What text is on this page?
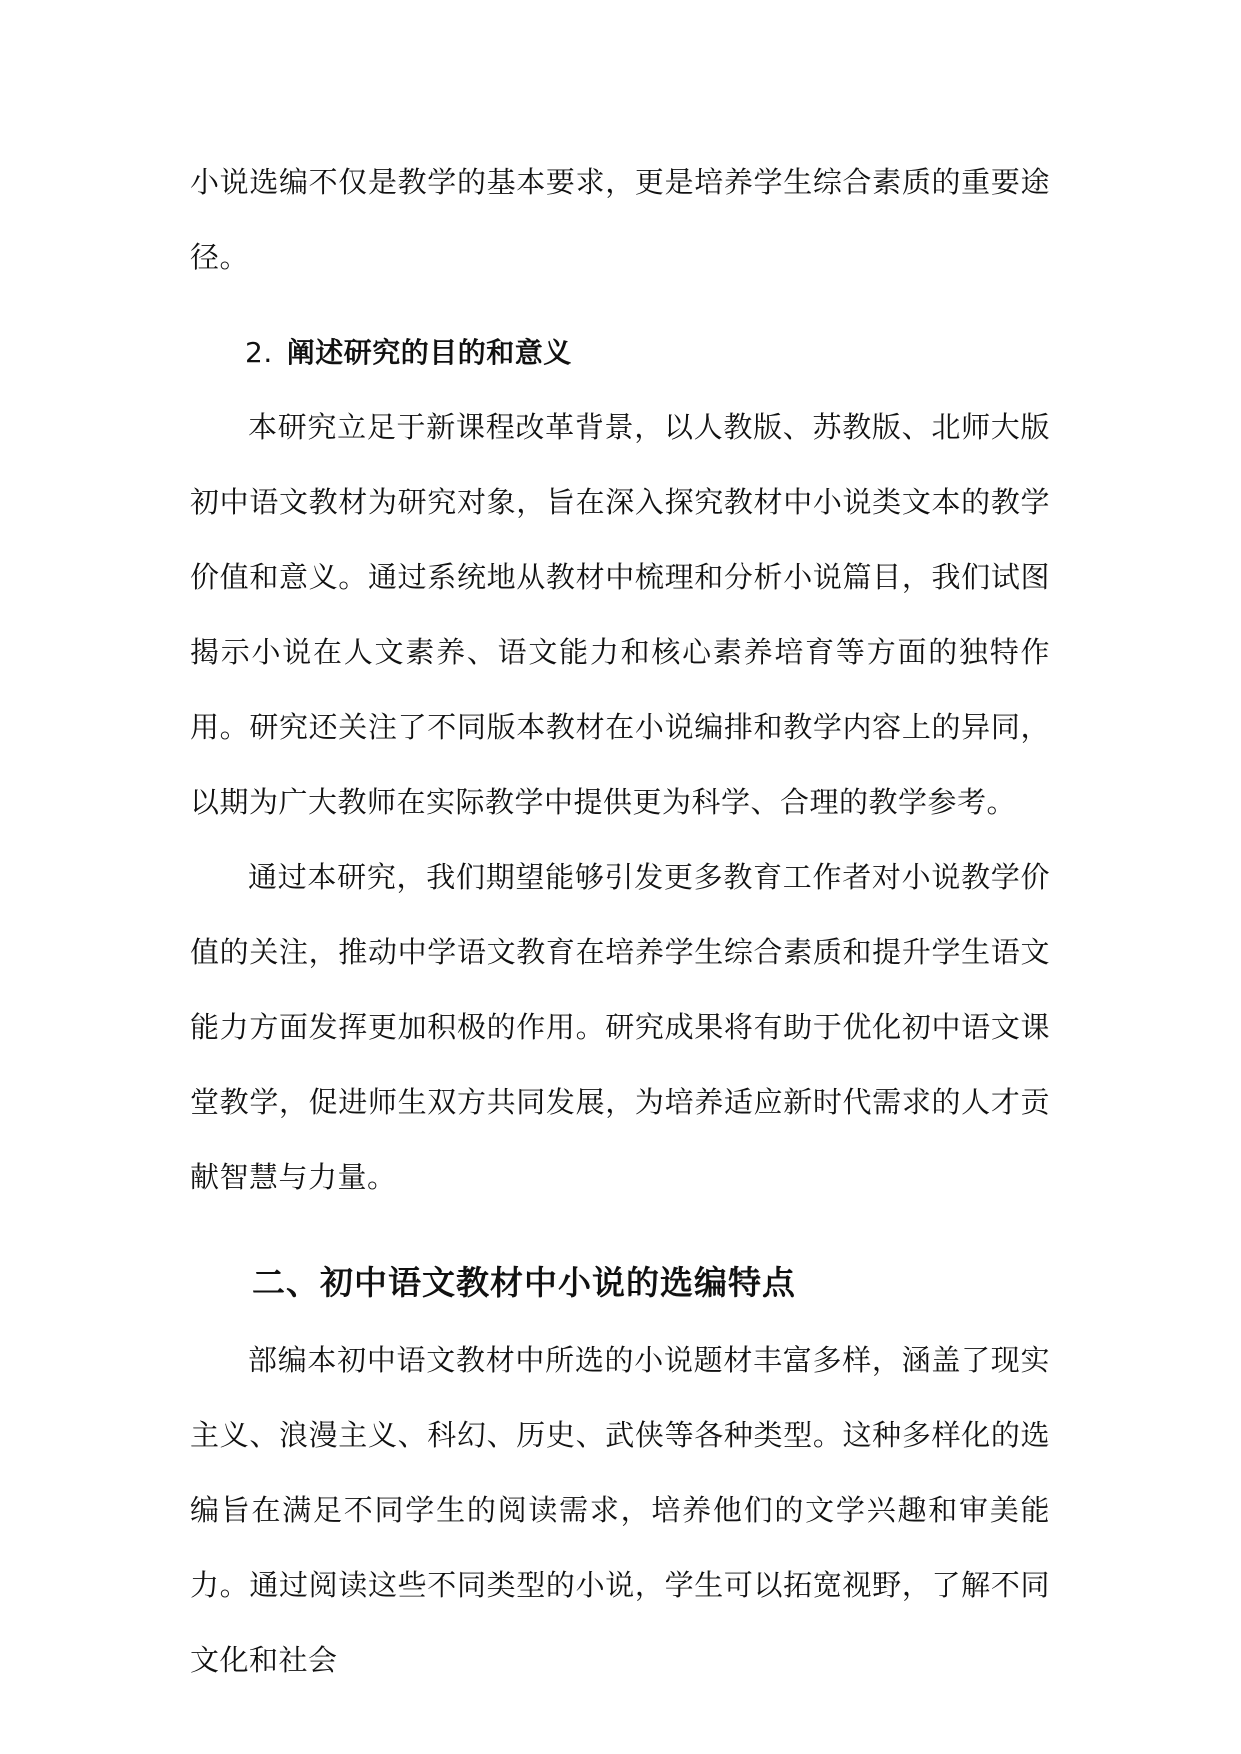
小说选编不仅是教学的基本要求，更是培养学生综合素质的重要途径。

2. 阐述研究的目的和意义

本研究立足于新课程改革背景，以人教版、苏教版、北师大版初中语文教材为研究对象，旨在深入探究教材中小说类文本的教学价值和意义。通过系统地从教材中梳理和分析小说篇目，我们试图揭示小说在人文素养、语文能力和核心素养培育等方面的独特作用。研究还关注了不同版本教材在小说编排和教学内容上的异同，以期为广大教师在实际教学中提供更为科学、合理的教学参考。

通过本研究，我们期望能够引发更多教育工作者对小说教学价值的关注，推动中学语文教育在培养学生综合素质和提升学生语文能力方面发挥更加积极的作用。研究成果将有助于优化初中语文课堂教学，促进师生双方共同发展，为培养适应新时代需求的人才贡献智慧与力量。

二、初中语文教材中小说的选编特点

部编本初中语文教材中所选的小说题材丰富多样，涵盖了现实主义、浪漫主义、科幻、历史、武侠等各种类型。这种多样化的选编旨在满足不同学生的阅读需求，培养他们的文学兴趣和审美能力。通过阅读这些不同类型的小说，学生可以拓宽视野，了解不同文化和社会
